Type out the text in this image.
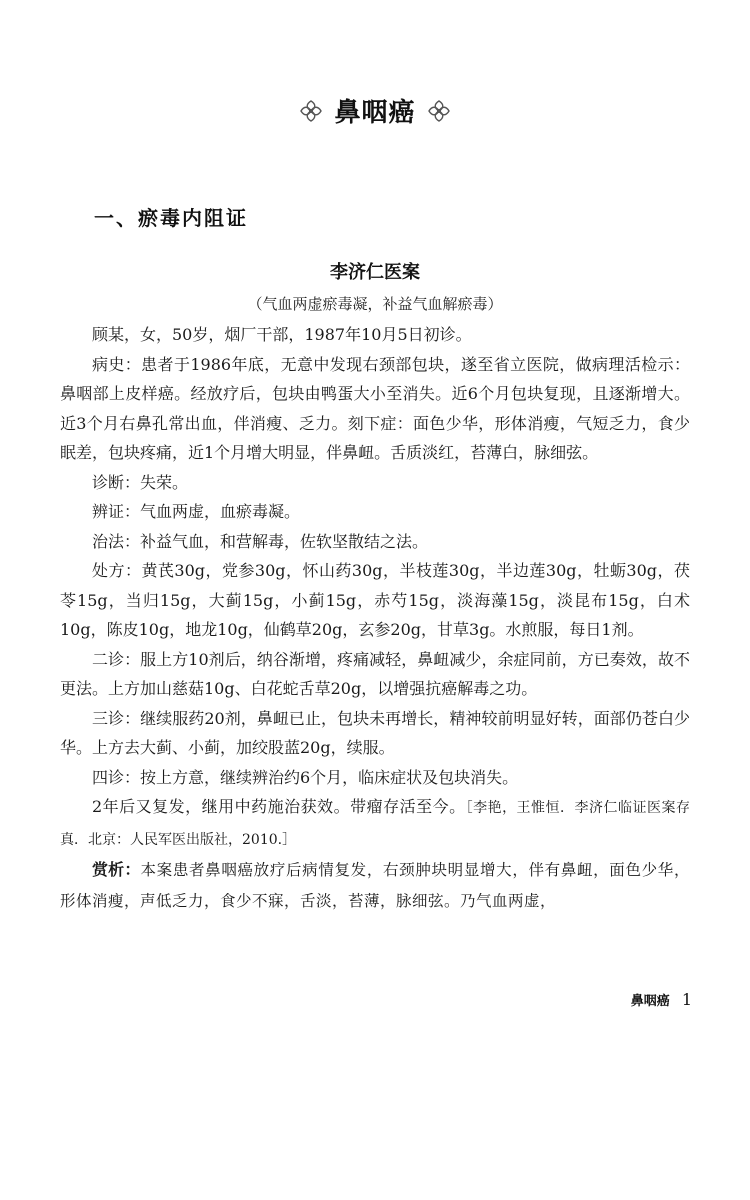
鼻咽癌
一、瘀毒内阻证
李济仁医案
（气血两虚瘀毒凝，补益气血解瘀毒）

顾某，女，50岁，烟厂干部，1987年10月5日初诊。

病史：患者于1986年底，无意中发现右颈部包块，遂至省立医院，做病理活检示：鼻咽部上皮样癌。经放疗后，包块由鸭蛋大小至消失。近6个月包块复现，且逐渐增大。近3个月右鼻孔常出血，伴消瘦、乏力。刻下症：面色少华，形体消瘦，气短乏力，食少眠差，包块疼痛，近1个月增大明显，伴鼻衄。舌质淡红，苔薄白，脉细弦。

诊断：失荣。

辨证：气血两虚，血瘀毒凝。

治法：补益气血，和营解毒，佐软坚散结之法。

处方：黄芪30g，党参30g，怀山药30g，半枝莲30g，半边莲30g，牡蛎30g，茯苓15g，当归15g，大蓟15g，小蓟15g，赤芍15g，淡海藻15g，淡昆布15g，白术10g，陈皮10g，地龙10g，仙鹤草20g，玄参20g，甘草3g。水煎服，每日1剂。

二诊：服上方10剂后，纳谷渐增，疼痛减轻，鼻衄减少，余症同前，方已奏效，故不更法。上方加山慈菇10g、白花蛇舌草20g，以增强抗癌解毒之功。

三诊：继续服药20剂，鼻衄已止，包块未再增长，精神较前明显好转，面部仍苍白少华。上方去大蓟、小蓟，加绞股蓝20g，续服。

四诊：按上方意，继续辨治约6个月，临床症状及包块消失。

2年后又复发，继用中药施治获效。带瘤存活至今。［李艳，王惟恒．李济仁临证医案存真．北京：人民军医出版社，2010.］

赏析：本案患者鼻咽癌放疗后病情复发，右颈肿块明显增大，伴有鼻衄，面色少华，形体消瘦，声低乏力，食少不寐，舌淡，苔薄，脉细弦。乃气血两虚，

鼻咽癌 1
